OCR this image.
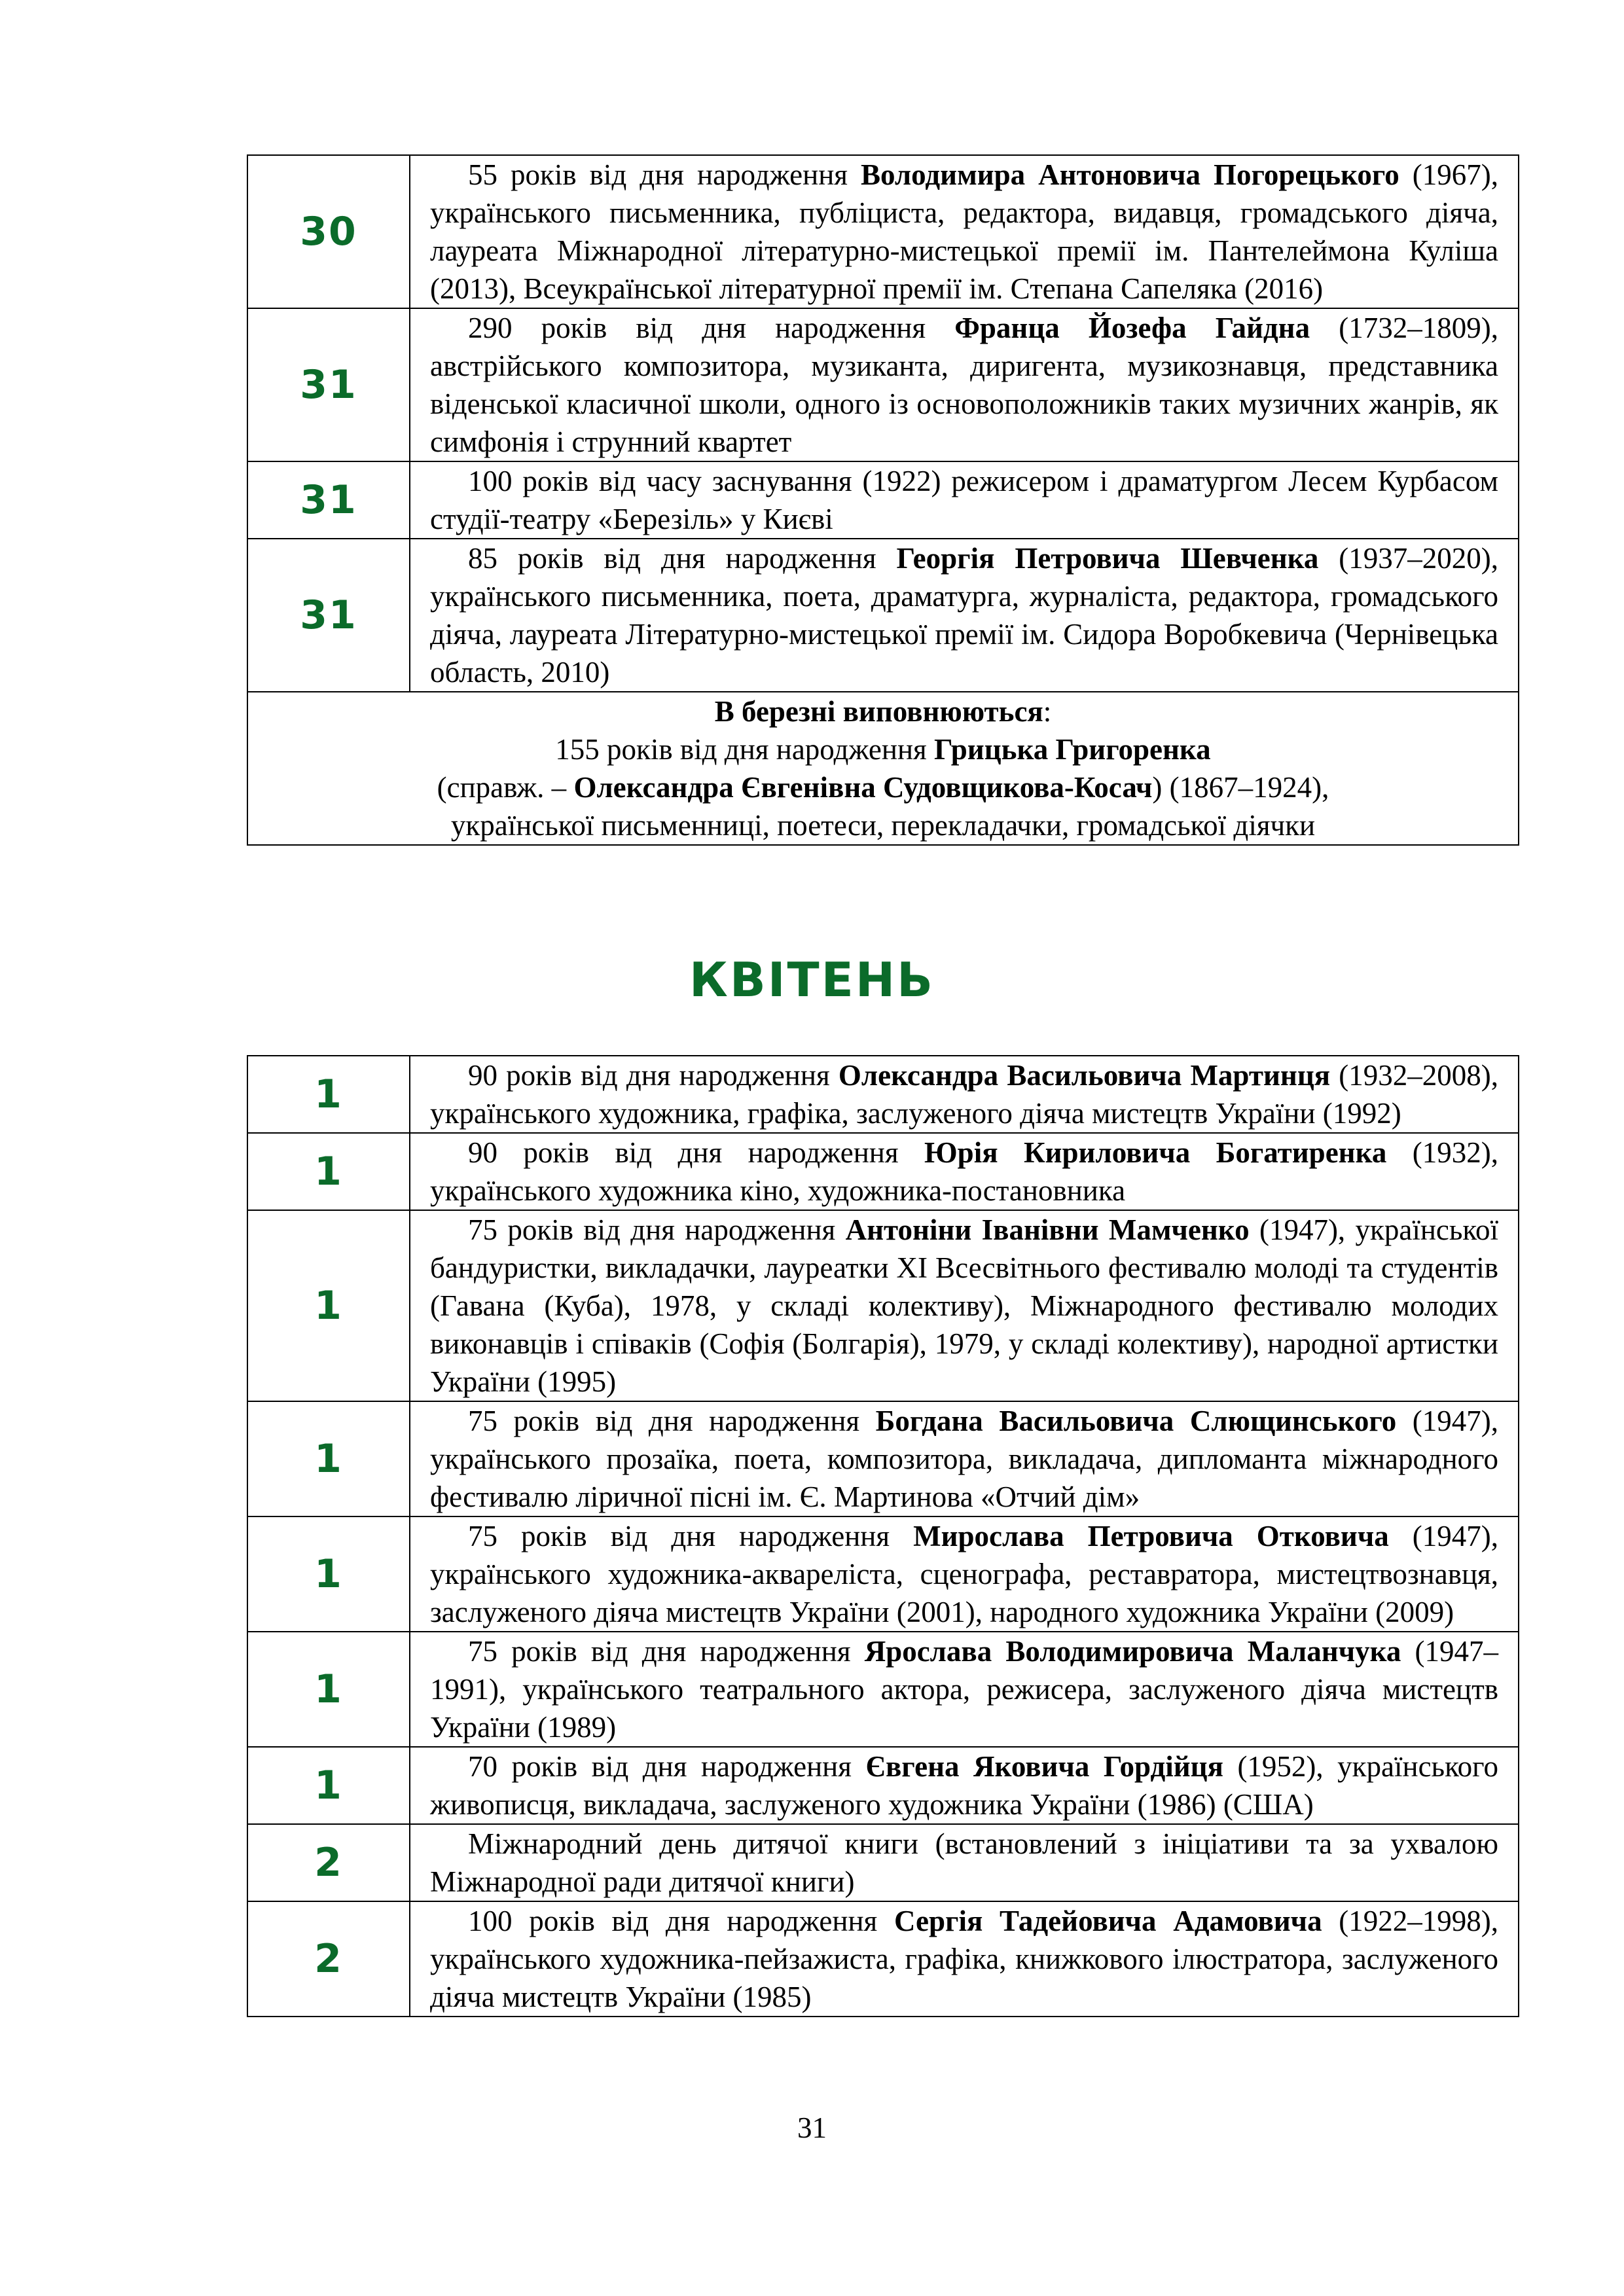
30	55 років від дня народження Володимира Антоновича Погорецького (1967), українського письменника, публіциста, редактора, видавця, громадського діяча, лауреата Міжнародної літературно-мистецької премії ім. Пантелеймона Куліша (2013), Всеукраїнської літературної премії ім. Степана Сапеляка (2016)
31	290 років від дня народження Франца Йозефа Гайдна (1732–1809), австрійського композитора, музиканта, диригента, музикознавця, представника віденської класичної школи, одного із основоположників таких музичних жанрів, як симфонія і струнний квартет
31	100 років від часу заснування (1922) режисером і драматургом Лесем Курбасом студії-театру «Березіль» у Києві
31	85 років від дня народження Георгія Петровича Шевченка (1937–2020), українського письменника, поета, драматурга, журналіста, редактора, громадського діяча, лауреата Літературно-мистецької премії ім. Сидора Воробкевича (Чернівецька область, 2010)

В березні виповнюються:
155 років від дня народження Грицька Григоренка
(справж. – Олександра Євгенівна Судовщикова-Косач) (1867–1924),
української письменниці, поетеси, перекладачки, громадської діячки	
КВІТЕНЬ
1	90 років від дня народження Олександра Васильовича Мартинця (1932–2008), українського художника, графіка, заслуженого діяча мистецтв України (1992)
1	90 років від дня народження Юрія Кириловича Богатиренка (1932), українського художника кіно, художника-постановника
1	75 років від дня народження Антоніни Іванівни Мамченко (1947), української бандуристки, викладачки, лауреатки XI Всесвітнього фестивалю молоді та студентів (Гавана (Куба), 1978, у складі колективу), Міжнародного фестивалю молодих виконавців і співаків (Софія (Болгарія), 1979, у складі колективу), народної артистки України (1995)
1	75 років від дня народження Богдана Васильовича Слющинського (1947), українського прозаїка, поета, композитора, викладача, дипломанта міжнародного фестивалю ліричної пісні ім. Є. Мартинова «Отчий дім»
1	75 років від дня народження Мирослава Петровича Отковича (1947), українського художника-аквареліста, сценографа, реставратора, мистецтвознавця, заслуженого діяча мистецтв України (2001), народного художника України (2009)
1	75 років від дня народження Ярослава Володимировича Маланчука (1947–1991), українського театрального актора, режисера, заслуженого діяча мистецтв України (1989)
1	70 років від дня народження Євгена Яковича Гордійця (1952), українського живописця, викладача, заслуженого художника України (1986) (США)
2	Міжнародний день дитячої книги (встановлений з ініціативи та за ухвалою Міжнародної ради дитячої книги)
2	100 років від дня народження Сергія Тадейовича Адамовича (1922–1998), українського художника-пейзажиста, графіка, книжкового ілюстратора, заслуженого діяча мистецтв України (1985)
31
